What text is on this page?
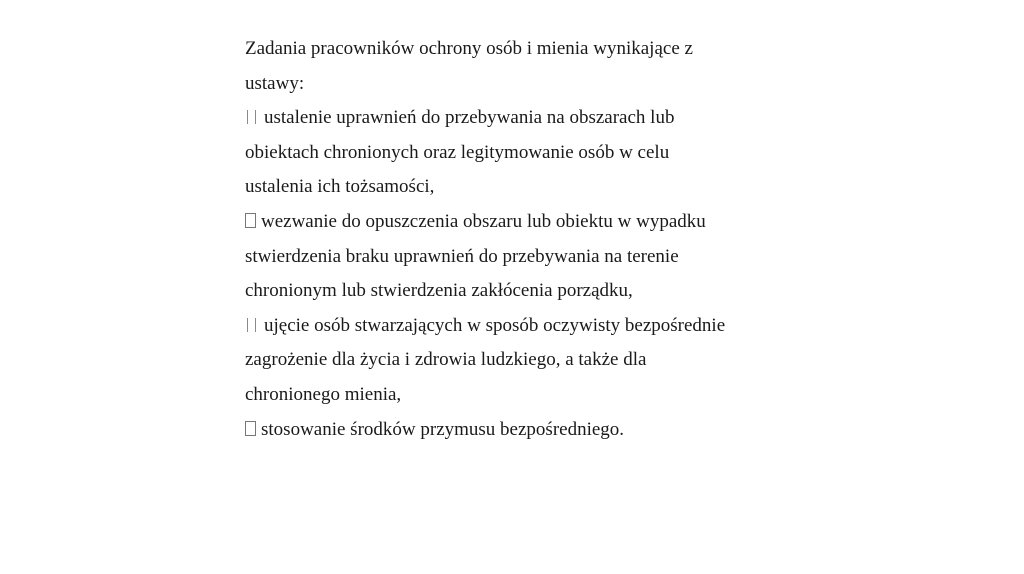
Zadania pracowników ochrony osób i mienia wynikające z
ustawy:
ustalenie uprawnień do przebywania na obszarach lub
obiektach chronionych oraz legitymowanie osób w celu
ustalenia ich tożsamości,
wezwanie do opuszczenia obszaru lub obiektu w wypadku
stwierdzenia braku uprawnień do przebywania na terenie
chronionym lub stwierdzenia zakłócenia porządku,
ujęcie osób stwarzających w sposób oczywisty bezpośrednie
zagrożenie dla życia i zdrowia ludzkiego, a także dla
chronionego mienia,
stosowanie środków przymusu bezpośredniego.
